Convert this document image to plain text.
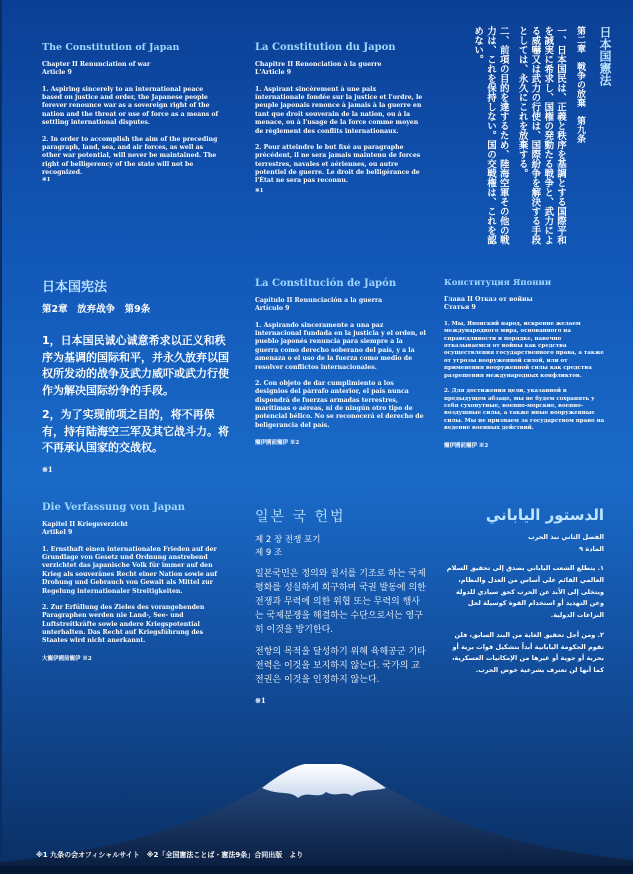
The Constitution of Japan
Chapter II Renunciation of war
Article 9
1. Aspiring sincerely to an international peace based on justice and order, the Japanese people forever renounce war as a sovereign right of the nation and the threat or use of force as a means of settling international disputes.
2. In order to accomplish the aim of the preceding paragraph, land, sea, and air forces, as well as other war potential, will never be maintained. The right of belligerency of the state will not be recognized.
※1
La Constitution du Japon
Chapitre II Renonciation à la guerre
L'Article 9
1. Aspirant sincèrement à une paix internationale fondée sur la justice et l'ordre, le peuple japonais renonce à jamais à la guerre en tant que droit souverain de la nation, ou à la menace, ou à l'usage de la force comme moyen de règlement des conflits internationaux.
2. Pour atteindre le but fixé au paragraphe précédent, il ne sera jamais maintenu de forces terrestres, navales et aériennes, ou autre potentiel de guerre. Le droit de belligérance de l'État ne sera pas reconnu.
※1
日本国憲法
第二章　戦争の放棄　第九条
一、日本国民は、正義と秩序を基調とする国際平和を誠実に希求し、国権の発動たる戦争と、武力による威嚇又は武力の行使は、国際紛争を解決する手段としては、永久にこれを放棄する。
二、前項の目的を達するため、陸海空軍その他の戦力は、これを保持しない。国の交戦権は、これを認めない。
日本国宪法
第2章　放弃战争　第9条
1，日本国民诚心诚意希求以正义和秩序为基调的国际和平，并永久放弃以国权所发动的战争及武力威吓或武力行使作为解决国际纷争的手段。
2，为了实现前项之目的，将不再保有，持有陆海空三军及其它战斗力。将不再承认国家的交战权。
※1
La Constitución de Japón
Capítulo II Renunciación a la guerra
Artículo 9
1. Aspirando sinceramente a una paz internacional fundada en la justicia y el orden, el pueblo japonés renuncia para siempre a la guerra como derecho soberano del país, y a la amenaza o el uso de la fuerza como medio de resolver conflictos internacionales.
2. Con objeto de dar cumplimiento a los designios del párrafo anterior, el país nunca dispondrá de fuerzas armadas terrestres, marítimas o aéreas, ni de ningún otro tipo de potencial bélico. No se reconocerá el derecho de beligerancia del país.
寵伊國前寵伊 ※2
Конституция Японии
Глава II Отказ от войны
Статья 9
1. Мы, Японский народ, искренне желаем международного мира, основанного на справедливости и порядке, навечно отказываемся от войны как средства осуществления государственного права, а также от угрозы вооруженной силой, или от применения вооруженной силы как средства разрешения международных конфликтов.
2. Для достижения цели, указанной в предыдущем абзаце, мы не будем сохранять у себя сухопутные, военно-морские, военно-воздушные силы, а также иные вооруженные силы. Мы не признаем за государством право на ведение военных действий.
寵伊國前寵伊 ※2
Die Verfassung von Japan
Kapitel II Kriegsverzicht
Artikel 9
1. Ernsthaft einen internationalen Frieden auf der Grundlage von Gesetz und Ordnung anstrebend verzichtet das japanische Volk für immer auf den Krieg als souveränes Recht einer Nation sowie auf Drohung und Gebrauch von Gewalt als Mittel zur Regelung internationaler Streitigkeiten.
2. Zur Erfüllung des Zieles des vorangehenden Paragraphen werden nie Land-, See- und Luftstreitkräfte sowie andere Kriegspotential unterhalten. Das Recht auf Kriegsführung des Staates wird nicht anerkannt.
大寵伊國前寵伊 ※2
일본 국 헌법
제 2 장 전쟁 포기
제 9 조
일본국민은 정의와 질서를 기조로 하는 국제평화를 성실하게 희구하며 국권 발동에 의한 전쟁과 무력에 의한 위협 또는 무력의 행사는 국제분쟁을 해결하는 수단으로서는 영구히 이것을 방기한다.
전항의 목적을 달성하기 위해 육해공군 기타 전력은 이것을 보지하지 않는다. 국가의 교전권은 이것을 인정하지 않는다.
※1
الدستور الياباني
الفصل الثاني نبذ الحرب
المادة ٩
١. يتطلع الشعب الياباني بصدق إلى تحقيق السلام العالمي القائم على أساس من العدل والنظام، ويتخلى إلى الأبد عن الحرب كحق سيادي للدولة وعن التهديد أو استخدام القوة كوسيلة لحل النزاعات الدولية.
٢. ومن أجل تحقيق الغاية من البند السابق، فلن تقوم الحكومة اليابانية أبداً بتشكيل قوات برية أو بحرية أو جوية أو غيرها من الإمكانيات العسكرية، كما أنها لن تعترف بشرعية خوض الحرب.
※1 九条の会オフィシャルサイト　※2「全国憲法ことば・憲法9条」合同出版　より
